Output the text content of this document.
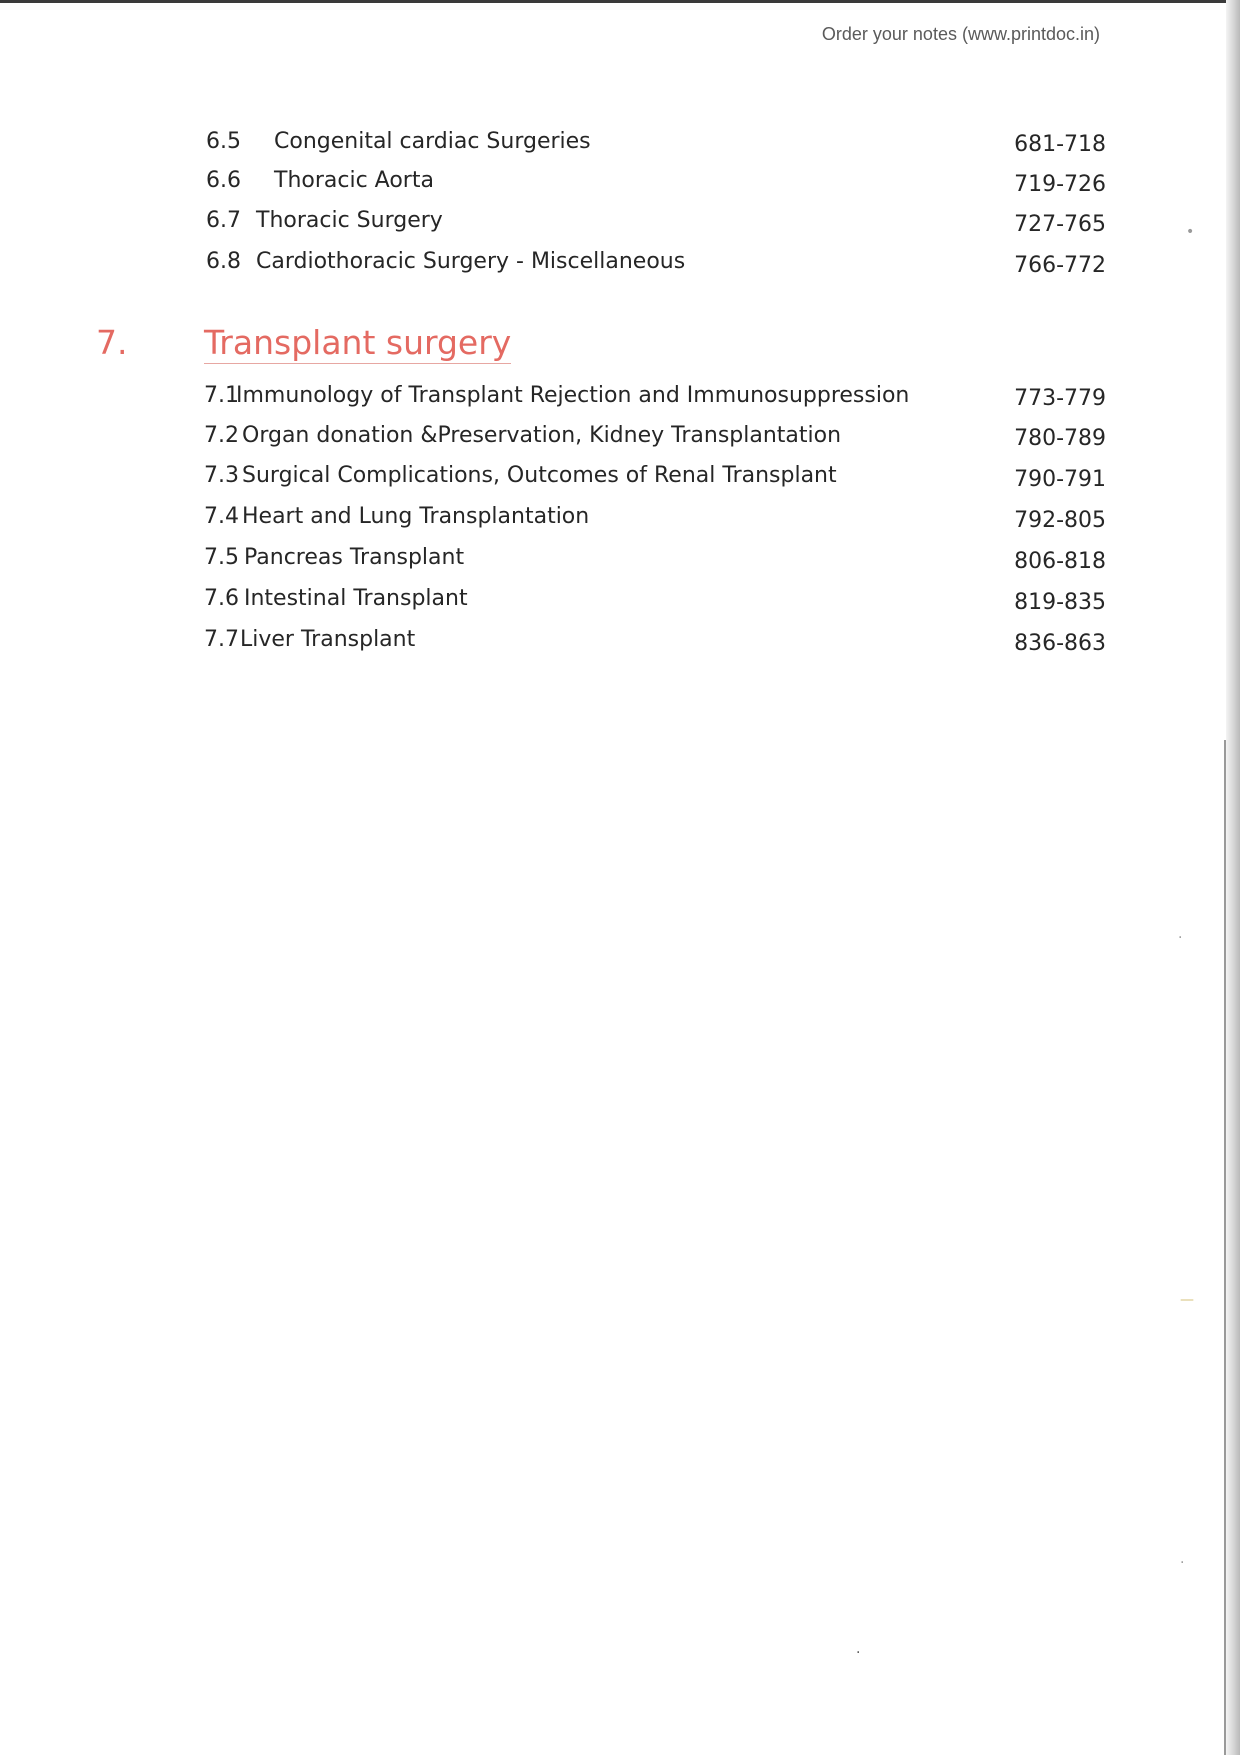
Order your notes (www.printdoc.in)
6.5 Congenital cardiac Surgeries	681-718
6.6 Thoracic Aorta	719-726
6.7 Thoracic Surgery	727-765
6.8 Cardiothoracic Surgery - Miscellaneous	766-772
7. Transplant surgery
7.1Immunology of Transplant Rejection and Immunosuppression	773-779
7.2 Organ donation &Preservation, Kidney Transplantation	780-789
7.3 Surgical Complications, Outcomes of Renal Transplant	790-791
7.4 Heart and Lung Transplantation	792-805
7.5 Pancreas Transplant	806-818
7.6 Intestinal Transplant	819-835
7.7Liver Transplant	836-863
•
·
—
·
·
